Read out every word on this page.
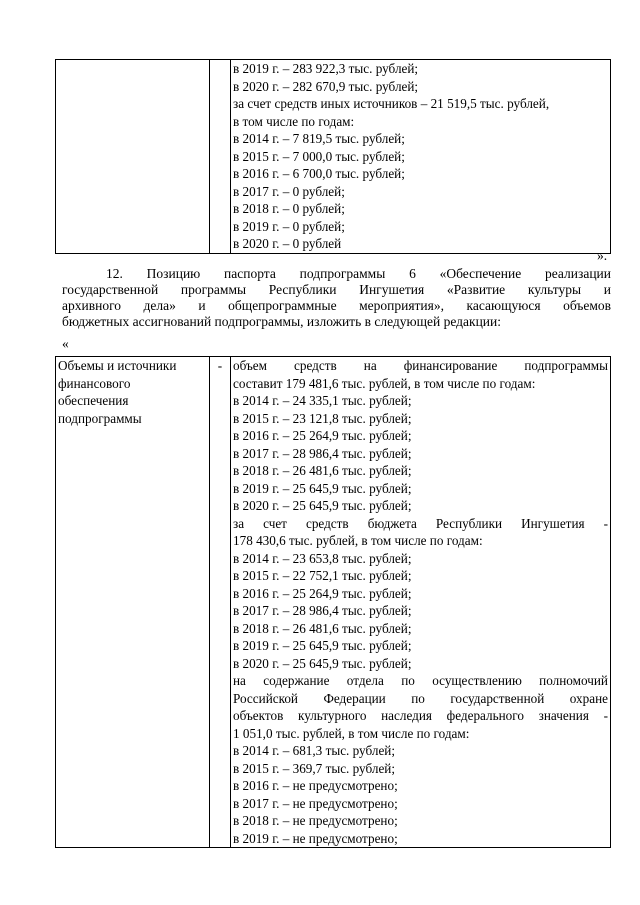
в 2019 г. – 283 922,3 тыс. рублей;
в 2020 г. – 282 670,9 тыс. рублей;
за счет средств иных источников – 21 519,5 тыс. рублей,
в том числе по годам:
в 2014 г. – 7 819,5 тыс. рублей;
в 2015 г. – 7 000,0 тыс. рублей;
в 2016 г. – 6 700,0 тыс. рублей;
в 2017 г. – 0 рублей;
в 2018 г. – 0 рублей;
в 2019 г. – 0 рублей;
в 2020 г. – 0 рублей
».
12. Позицию паспорта подпрограммы 6 «Обеспечение реализации
государственной программы Республики Ингушетия «Развитие культуры и
архивного дела» и общепрограммные мероприятия», касающуюся объемов
бюджетных ассигнований подпрограммы, изложить в следующей редакции:
«
Объемы и источники
финансового
обеспечения
подпрограммы
	-	объем средств на финансирование подпрограммы
составит 179 481,6 тыс. рублей, в том числе по годам:
в 2014 г. – 24 335,1 тыс. рублей;
в 2015 г. – 23 121,8 тыс. рублей;
в 2016 г. – 25 264,9 тыс. рублей;
в 2017 г. – 28 986,4 тыс. рублей;
в 2018 г. – 26 481,6 тыс. рублей;
в 2019 г. – 25 645,9 тыс. рублей;
в 2020 г. – 25 645,9 тыс. рублей;
за счет средств бюджета Республики Ингушетия -
178 430,6 тыс. рублей, в том числе по годам:
в 2014 г. – 23 653,8 тыс. рублей;
в 2015 г. – 22 752,1 тыс. рублей;
в 2016 г. – 25 264,9 тыс. рублей;
в 2017 г. – 28 986,4 тыс. рублей;
в 2018 г. – 26 481,6 тыс. рублей;
в 2019 г. – 25 645,9 тыс. рублей;
в 2020 г. – 25 645,9 тыс. рублей;
на содержание отдела по осуществлению полномочий
Российской Федерации по государственной охране
объектов культурного наследия федерального значения -
1 051,0 тыс. рублей, в том числе по годам:
в 2014 г. – 681,3 тыс. рублей;
в 2015 г. – 369,7 тыс. рублей;
в 2016 г. – не предусмотрено;
в 2017 г. – не предусмотрено;
в 2018 г. – не предусмотрено;
в 2019 г. – не предусмотрено;
